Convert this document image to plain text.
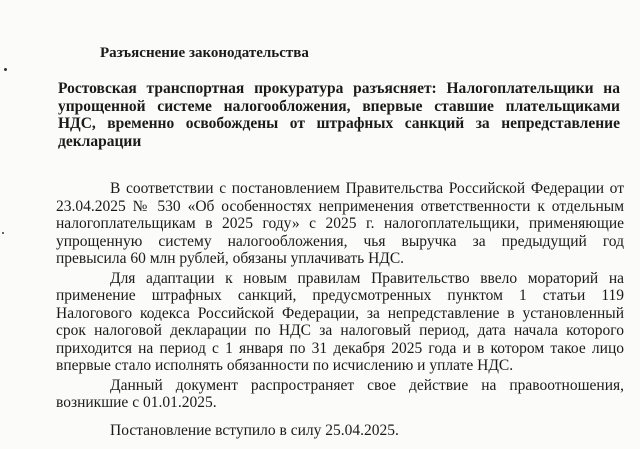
Разъяснение законодательства
Ростовская транспортная прокуратура разъясняет: Налогоплательщики на
упрощенной системе налогообложения, впервые ставшие плательщиками
НДС, временно освобождены от штрафных санкций за непредставление
декларации

В соответствии с постановлением Правительства Российской Федерации от
23.04.2025 № 530 «Об особенностях неприменения ответственности к отдельным
налогоплательщикам в 2025 году» с 2025 г. налогоплательщики, применяющие
упрощенную систему налогообложения, чья выручка за предыдущий год
превысила 60 млн рублей, обязаны уплачивать НДС.

Для адаптации к новым правилам Правительство ввело мораторий на
применение штрафных санкций, предусмотренных пунктом 1 статьи 119
Налогового кодекса Российской Федерации, за непредставление в установленный
срок налоговой декларации по НДС за налоговый период, дата начала которого
приходится на период с 1 января по 31 декабря 2025 года и в котором такое лицо
впервые стало исполнять обязанности по исчислению и уплате НДС.

Данный документ распространяет свое действие на правоотношения,
возникшие с 01.01.2025.

Постановление вступило в силу 25.04.2025.
